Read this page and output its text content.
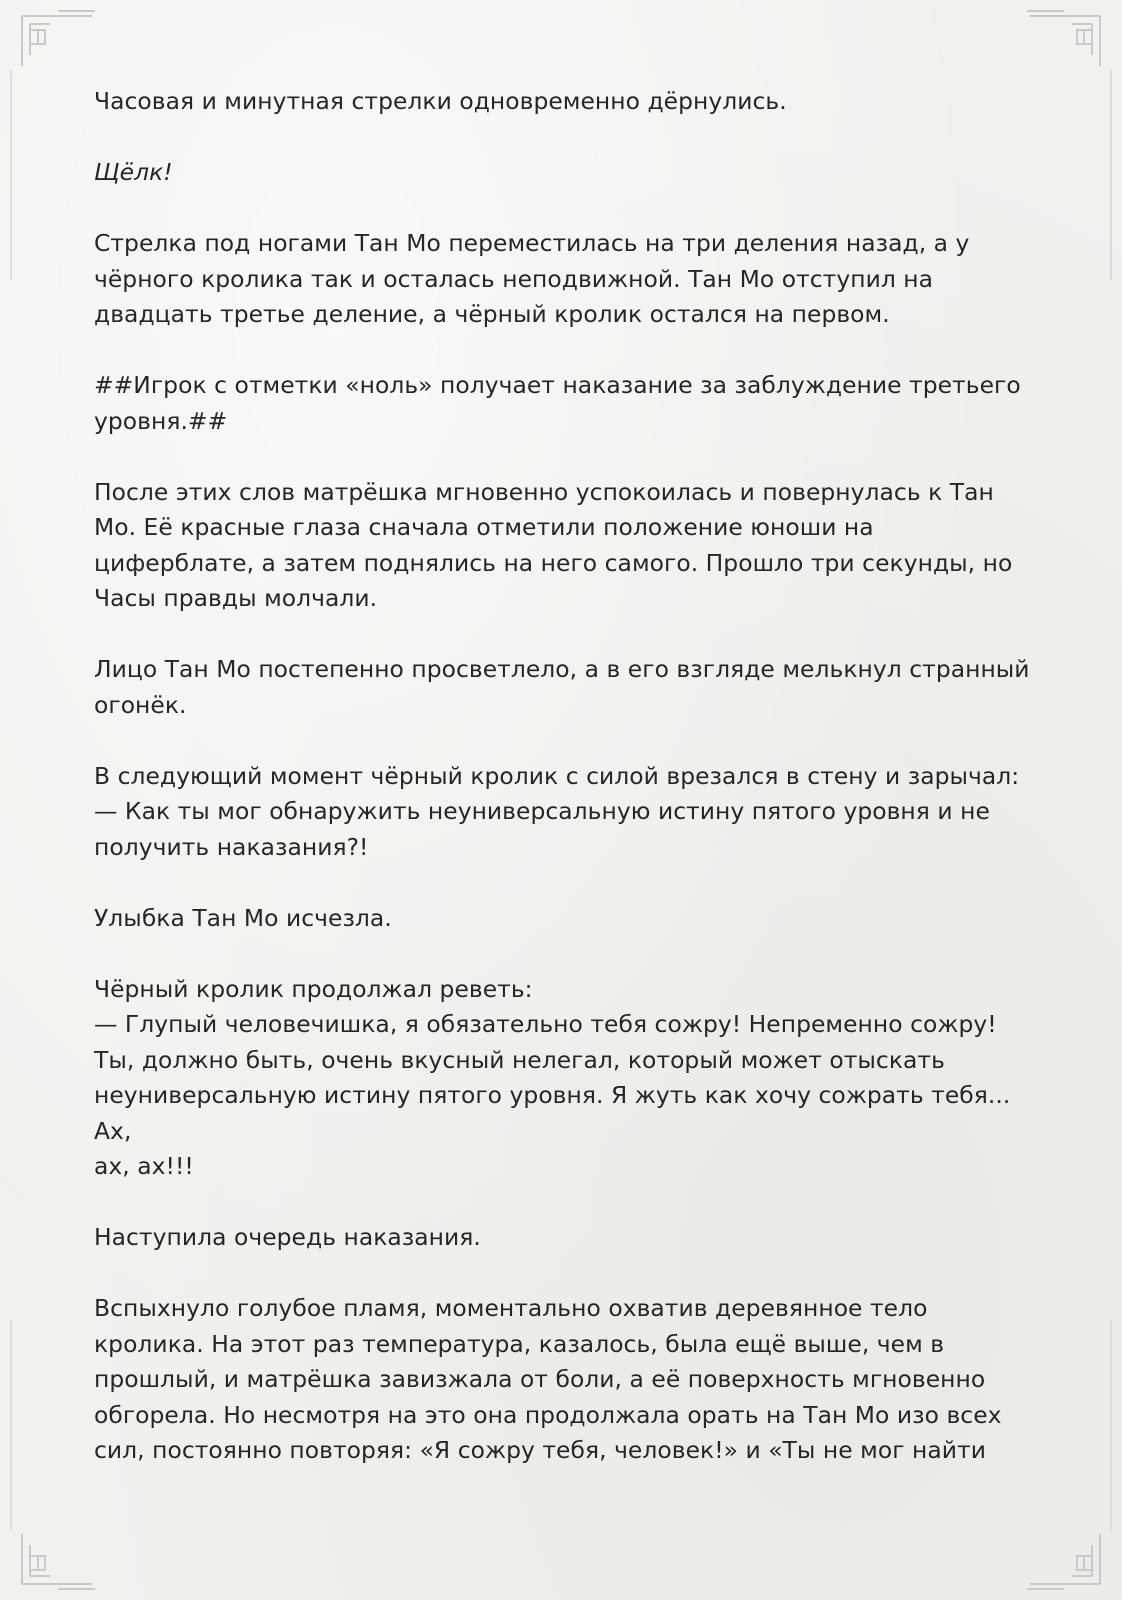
Часовая и минутная стрелки одновременно дёрнулись.

Щёлк!

Стрелка под ногами Тан Мо переместилась на три деления назад, а у
чёрного кролика так и осталась неподвижной. Тан Мо отступил на
двадцать третье деление, а чёрный кролик остался на первом.

##Игрок с отметки «ноль» получает наказание за заблуждение третьего
уровня.##

После этих слов матрёшка мгновенно успокоилась и повернулась к Тан
Мо. Её красные глаза сначала отметили положение юноши на
циферблате, а затем поднялись на него самого. Прошло три секунды, но
Часы правды молчали.

Лицо Тан Мо постепенно просветлело, а в его взгляде мелькнул странный
огонёк.

В следующий момент чёрный кролик с силой врезался в стену и зарычал:
— Как ты мог обнаружить неуниверсальную истину пятого уровня и не
получить наказания?!

Улыбка Тан Мо исчезла.

Чёрный кролик продолжал реветь:
— Глупый человечишка, я обязательно тебя сожру! Непременно сожру!
Ты, должно быть, очень вкусный нелегал, который может отыскать
неуниверсальную истину пятого уровня. Я жуть как хочу сожрать тебя... Ах,
ах, ах!!!

Наступила очередь наказания.

Вспыхнуло голубое пламя, моментально охватив деревянное тело
кролика. На этот раз температура, казалось, была ещё выше, чем в
прошлый, и матрёшка завизжала от боли, а её поверхность мгновенно
обгорела. Но несмотря на это она продолжала орать на Тан Мо изо всех
сил, постоянно повторяя: «Я сожру тебя, человек!» и «Ты не мог найти
